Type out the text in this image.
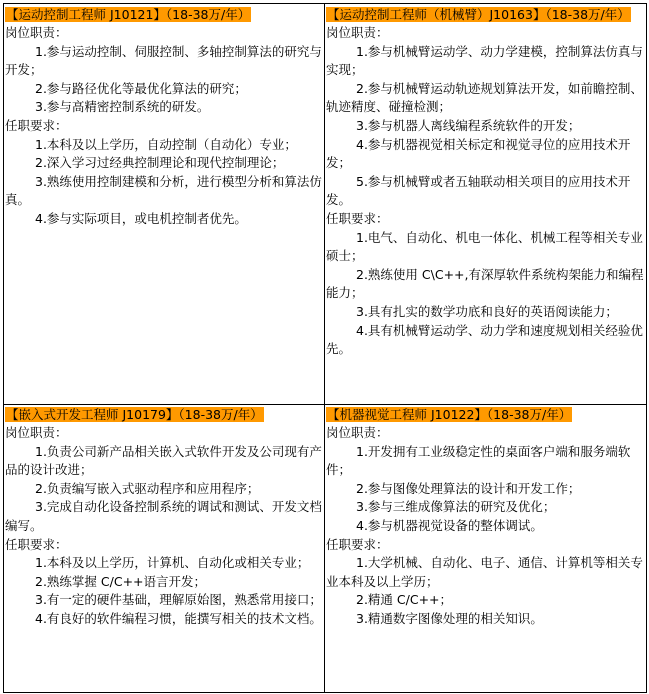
【运动控制工程师 J10121】（18-38万/年）
岗位职责：
1.参与运动控制、伺服控制、多轴控制算法的研究与开发；
2.参与路径优化等最优化算法的研究；
3.参与高精密控制系统的研发。
任职要求：
1.本科及以上学历，自动控制（自动化）专业；
2.深入学习过经典控制理论和现代控制理论；
3.熟练使用控制建模和分析，进行模型分析和算法仿真。
4.参与实际项目，或电机控制者优先。
【运动控制工程师（机械臂）J10163】（18-38万/年）
岗位职责：
1.参与机械臂运动学、动力学建模，控制算法仿真与实现；
2.参与机械臂运动轨迹规划算法开发，如前瞻控制、轨迹精度、碰撞检测；
3.参与机器人离线编程系统软件的开发；
4.参与机器视觉相关标定和视觉寻位的应用技术开发；
5.参与机械臂或者五轴联动相关项目的应用技术开发。
任职要求：
1.电气、自动化、机电一体化、机械工程等相关专业硕士；
2.熟练使用 C\C++,有深厚软件系统构架能力和编程能力；
3.具有扎实的数学功底和良好的英语阅读能力；
4.具有机械臂运动学、动力学和速度规划相关经验优先。
【嵌入式开发工程师 J10179】（18-38万/年）
岗位职责：
1.负责公司新产品相关嵌入式软件开发及公司现有产品的设计改进；
2.负责编写嵌入式驱动程序和应用程序；
3.完成自动化设备控制系统的调试和测试、开发文档编写。
任职要求：
1.本科及以上学历，计算机、自动化或相关专业；
2.熟练掌握 C/C++语言开发；
3.有一定的硬件基础，理解原始图，熟悉常用接口；
4.有良好的软件编程习惯，能撰写相关的技术文档。
【机器视觉工程师 J10122】（18-38万/年）
岗位职责：
1.开发拥有工业级稳定性的桌面客户端和服务端软件；
2.参与图像处理算法的设计和开发工作；
3.参与三维成像算法的研究及优化；
4.参与机器视觉设备的整体调试。
任职要求：
1.大学机械、自动化、电子、通信、计算机等相关专业本科及以上学历；
2.精通 C/C++；
3.精通数字图像处理的相关知识。
